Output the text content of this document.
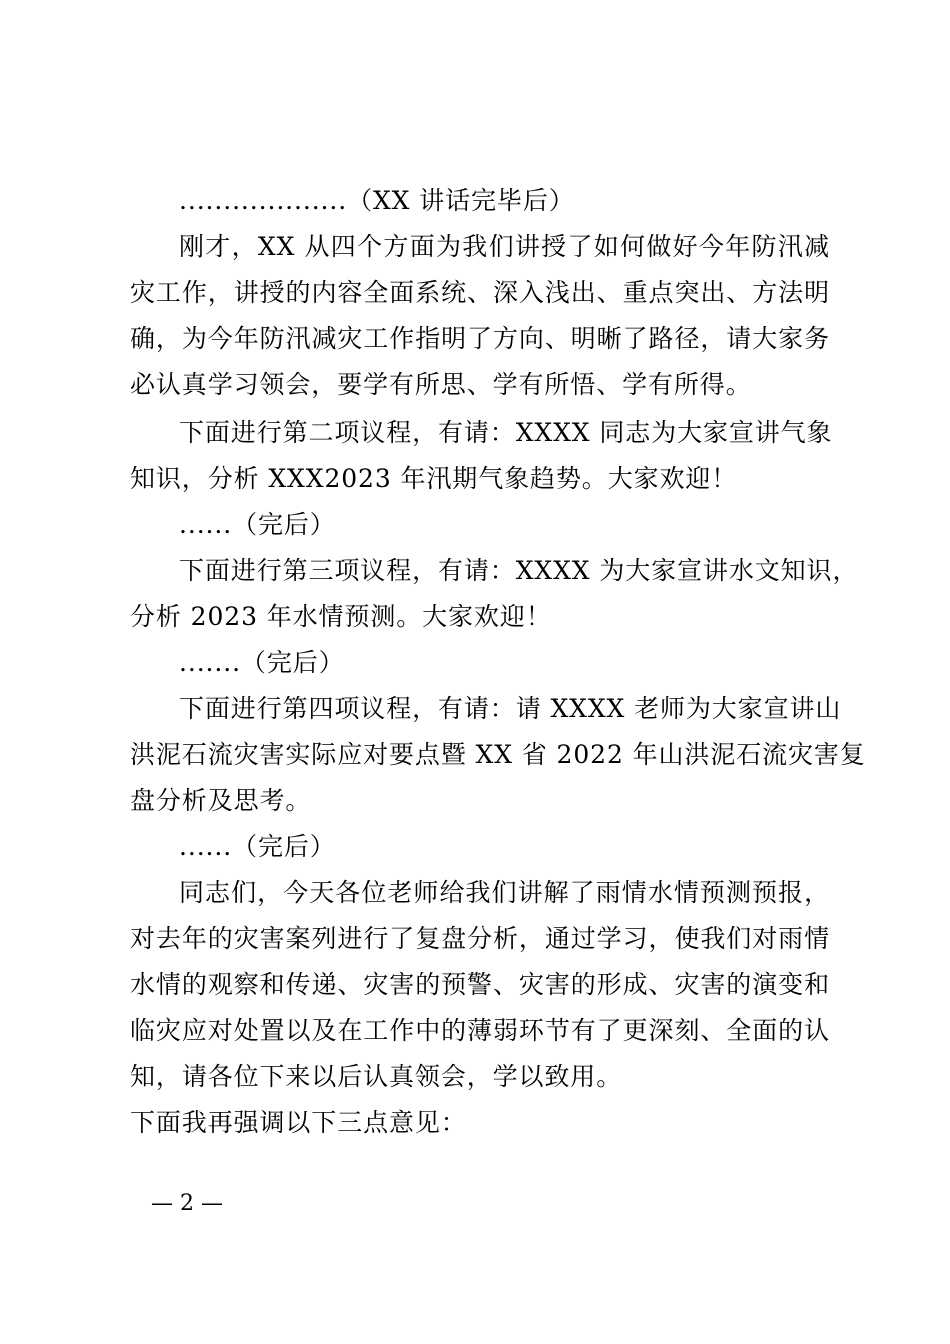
...................（XX 讲话完毕后）
刚才，XX 从四个方面为我们讲授了如何做好今年防汛减
灾工作，讲授的内容全面系统、深入浅出、重点突出、方法明
确，为今年防汛减灾工作指明了方向、明晰了路径，请大家务
必认真学习领会，要学有所思、学有所悟、学有所得。
下面进行第二项议程，有请：XXXX 同志为大家宣讲气象
知识，分析 XXX2023 年汛期气象趋势。大家欢迎！
......（完后）
下面进行第三项议程，有请：XXXX 为大家宣讲水文知识，
分析 2023 年水情预测。大家欢迎！
.......（完后）
下面进行第四项议程，有请：请 XXXX 老师为大家宣讲山
洪泥石流灾害实际应对要点暨 XX 省 2022 年山洪泥石流灾害复
盘分析及思考。
......（完后）
同志们，今天各位老师给我们讲解了雨情水情预测预报，
对去年的灾害案列进行了复盘分析，通过学习，使我们对雨情
水情的观察和传递、灾害的预警、灾害的形成、灾害的演变和
临灾应对处置以及在工作中的薄弱环节有了更深刻、全面的认
知，请各位下来以后认真领会，学以致用。
下面我再强调以下三点意见：
— 2 —
